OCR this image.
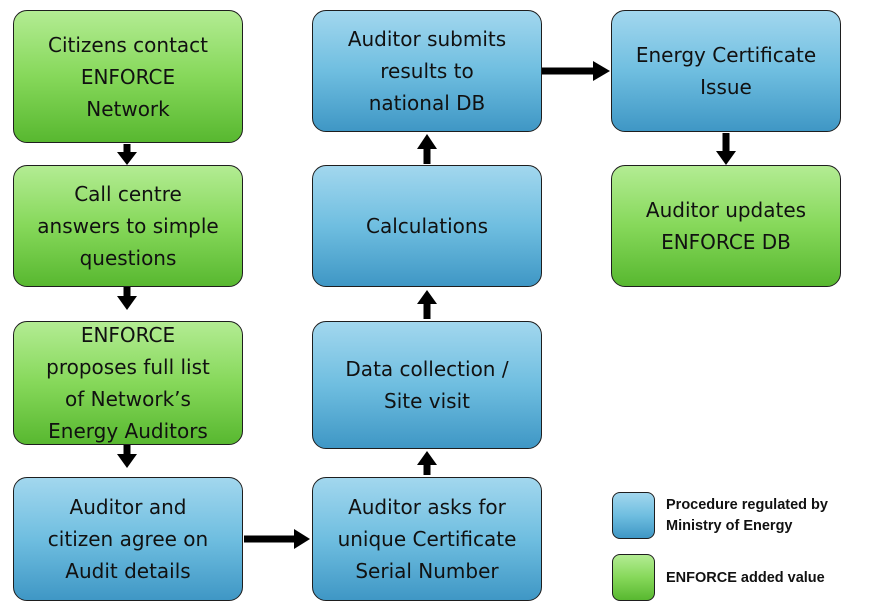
Citizens contact
ENFORCE
Network
Call centre
answers to simple
questions
ENFORCE
proposes full list
of Network’s
Energy Auditors
Auditor and
citizen agree on
Audit details
Auditor submits
results to
national DB
Calculations
Data collection /
Site visit
Auditor asks for
unique Certificate
Serial Number
Energy Certificate
Issue
Auditor updates
ENFORCE DB
Procedure regulated by
Ministry of Energy
ENFORCE added value
